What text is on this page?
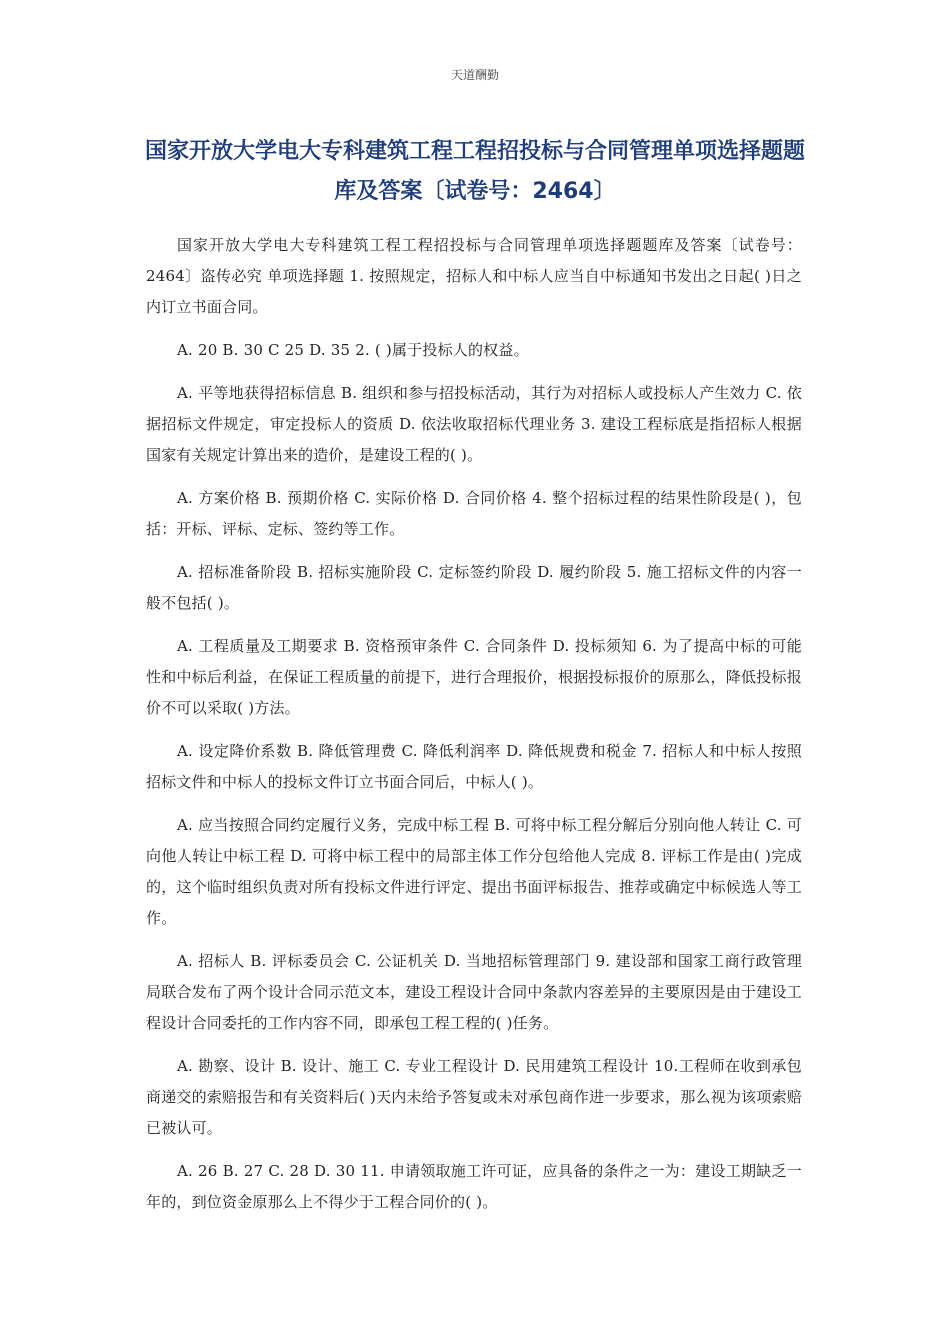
天道酬勤
国家开放大学电大专科建筑工程工程招投标与合同管理单项选择题题库及答案〔试卷号：2464〕

国家开放大学电大专科建筑工程工程招投标与合同管理单项选择题题库及答案〔试卷号：2464〕盗传必究 单项选择题 1. 按照规定，招标人和中标人应当自中标通知书发出之日起( )日之内订立书面合同。

A. 20 B. 30 C 25 D. 35 2. ( )属于投标人的权益。

A. 平等地获得招标信息 B. 组织和参与招投标活动，其行为对招标人或投标人产生效力 C. 依据招标文件规定，审定投标人的资质 D. 依法收取招标代理业务 3. 建设工程标底是指招标人根据国家有关规定计算出来的造价，是建设工程的( )。

A. 方案价格 B. 预期价格 C. 实际价格 D. 合同价格 4. 整个招标过程的结果性阶段是( )，包括：开标、评标、定标、签约等工作。

A. 招标准备阶段 B. 招标实施阶段 C. 定标签约阶段 D. 履约阶段 5. 施工招标文件的内容一般不包括( )。

A. 工程质量及工期要求 B. 资格预审条件 C. 合同条件 D. 投标须知 6. 为了提高中标的可能性和中标后利益，在保证工程质量的前提下，进行合理报价，根据投标报价的原那么，降低投标报价不可以采取( )方法。

A. 设定降价系数 B. 降低管理费 C. 降低利润率 D. 降低规费和税金 7. 招标人和中标人按照招标文件和中标人的投标文件订立书面合同后，中标人( )。

A. 应当按照合同约定履行义务，完成中标工程 B. 可将中标工程分解后分别向他人转让 C. 可向他人转让中标工程 D. 可将中标工程中的局部主体工作分包给他人完成 8. 评标工作是由( )完成的，这个临时组织负责对所有投标文件进行评定、提出书面评标报告、推荐或确定中标候选人等工作。

A. 招标人 B. 评标委员会 C. 公证机关 D. 当地招标管理部门 9. 建设部和国家工商行政管理局联合发布了两个设计合同示范文本，建设工程设计合同中条款内容差异的主要原因是由于建设工程设计合同委托的工作内容不同，即承包工程工程的( )任务。

A. 勘察、设计 B. 设计、施工 C. 专业工程设计 D. 民用建筑工程设计 10.工程师在收到承包商递交的索赔报告和有关资料后( )天内未给予答复或未对承包商作进一步要求，那么视为该项索赔已被认可。

A. 26 B. 27 C. 28 D. 30 11. 申请领取施工许可证，应具备的条件之一为：建设工期缺乏一年的，到位资金原那么上不得少于工程合同价的( )。
